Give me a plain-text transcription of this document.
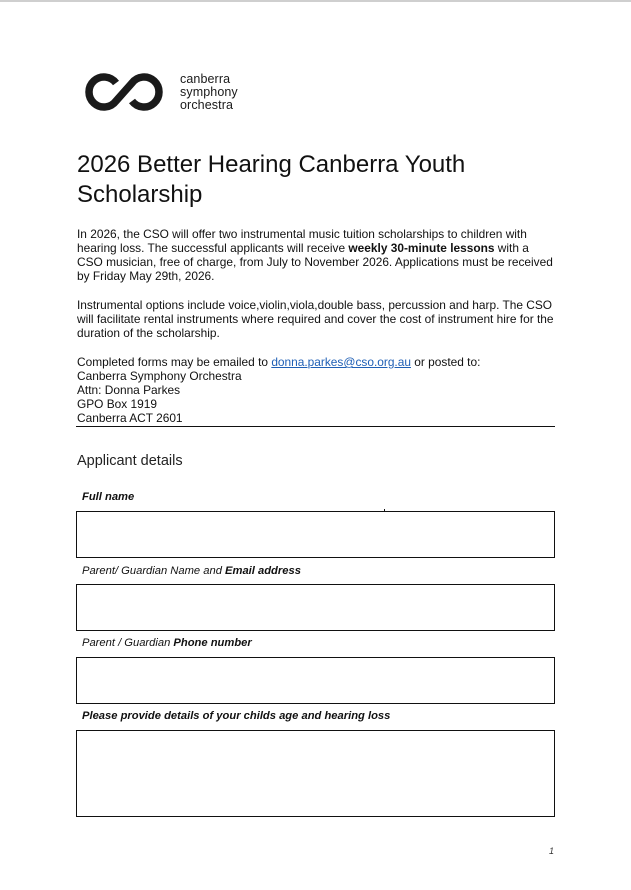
canberra
symphony
orchestra
2026 Better Hearing Canberra Youth Scholarship
In 2026, the CSO will offer two instrumental music tuition scholarships to children with hearing loss. The successful applicants will receive weekly 30-minute lessons with a CSO musician, free of charge, from July to November 2026. Applications must be received by Friday May 29th, 2026.
Instrumental options include voice,violin,viola,double bass, percussion and harp. The CSO will facilitate rental instruments where required and cover the cost of instrument hire for the duration of the scholarship.
Completed forms may be emailed to donna.parkes@cso.org.au or posted to:
Canberra Symphony Orchestra
Attn: Donna Parkes
GPO Box 1919
Canberra ACT 2601
Applicant details
Full name
Parent/ Guardian Name and Email address
Parent / Guardian Phone number
Please provide details of your childs age and hearing loss
1
